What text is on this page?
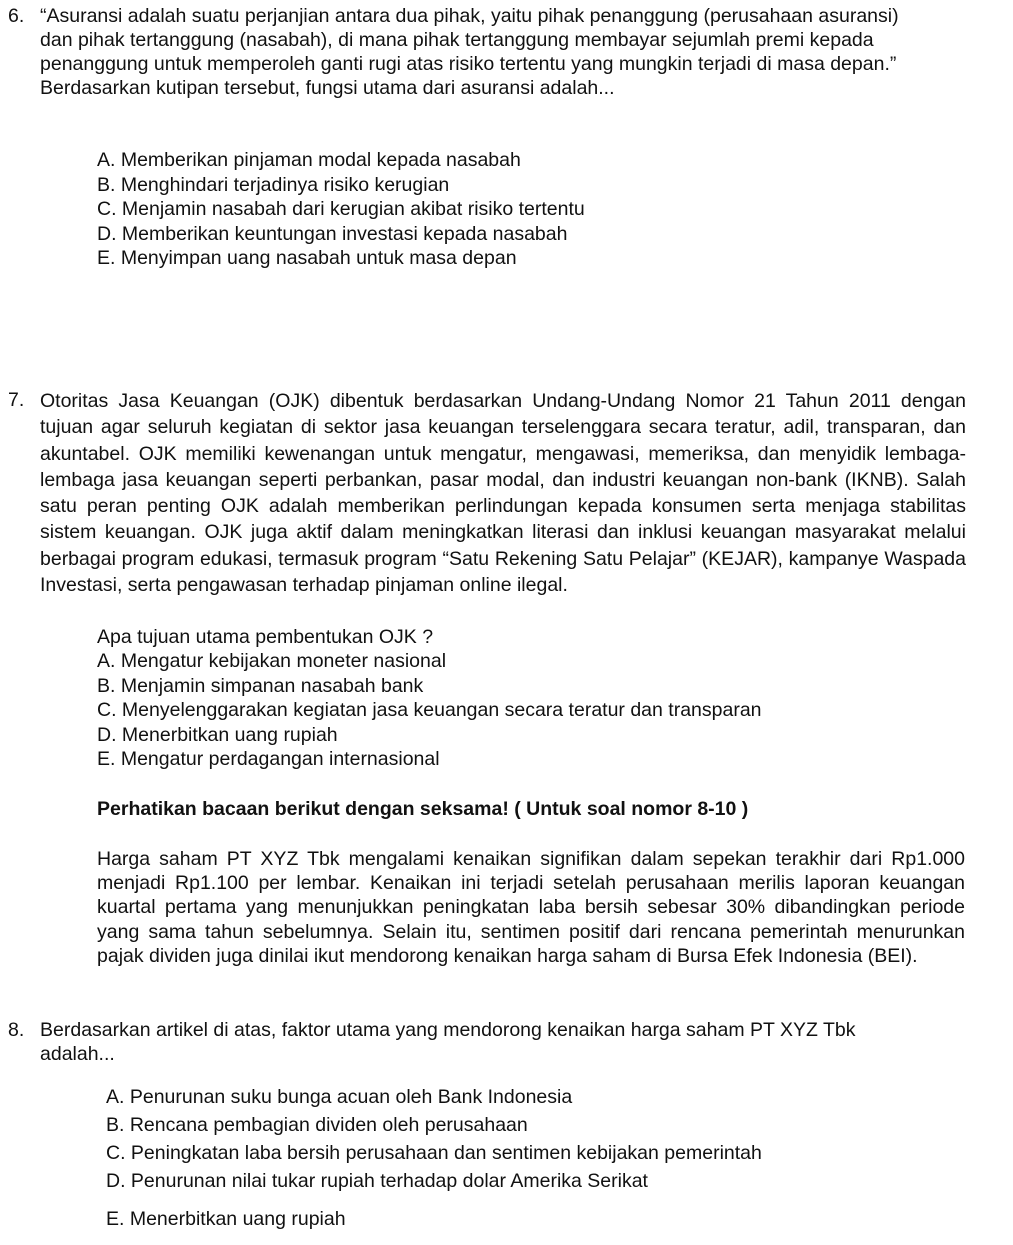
6. “Asuransi adalah suatu perjanjian antara dua pihak, yaitu pihak penanggung (perusahaan asuransi) dan pihak tertanggung (nasabah), di mana pihak tertanggung membayar sejumlah premi kepada penanggung untuk memperoleh ganti rugi atas risiko tertentu yang mungkin terjadi di masa depan.” Berdasarkan kutipan tersebut, fungsi utama dari asuransi adalah...

A. Memberikan pinjaman modal kepada nasabah
B. Menghindari terjadinya risiko kerugian
C. Menjamin nasabah dari kerugian akibat risiko tertentu
D. Memberikan keuntungan investasi kepada nasabah
E. Menyimpan uang nasabah untuk masa depan
7. Otoritas Jasa Keuangan (OJK) dibentuk berdasarkan Undang-Undang Nomor 21 Tahun 2011 dengan tujuan agar seluruh kegiatan di sektor jasa keuangan terselenggara secara teratur, adil, transparan, dan akuntabel. OJK memiliki kewenangan untuk mengatur, mengawasi, memeriksa, dan menyidik lembaga-lembaga jasa keuangan seperti perbankan, pasar modal, dan industri keuangan non-bank (IKNB). Salah satu peran penting OJK adalah memberikan perlindungan kepada konsumen serta menjaga stabilitas sistem keuangan. OJK juga aktif dalam meningkatkan literasi dan inklusi keuangan masyarakat melalui berbagai program edukasi, termasuk program “Satu Rekening Satu Pelajar” (KEJAR), kampanye Waspada Investasi, serta pengawasan terhadap pinjaman online ilegal.

Apa tujuan utama pembentukan OJK ?
A. Mengatur kebijakan moneter nasional
B. Menjamin simpanan nasabah bank
C. Menyelenggarakan kegiatan jasa keuangan secara teratur dan transparan
D. Menerbitkan uang rupiah
E. Mengatur perdagangan internasional
Perhatikan bacaan berikut dengan seksama! ( Untuk soal nomor 8-10 )

Harga saham PT XYZ Tbk mengalami kenaikan signifikan dalam sepekan terakhir dari Rp1.000 menjadi Rp1.100 per lembar. Kenaikan ini terjadi setelah perusahaan merilis laporan keuangan kuartal pertama yang menunjukkan peningkatan laba bersih sebesar 30% dibandingkan periode yang sama tahun sebelumnya. Selain itu, sentimen positif dari rencana pemerintah menurunkan pajak dividen juga dinilai ikut mendorong kenaikan harga saham di Bursa Efek Indonesia (BEI).

8. Berdasarkan artikel di atas, faktor utama yang mendorong kenaikan harga saham PT XYZ Tbk adalah...

A. Penurunan suku bunga acuan oleh Bank Indonesia
B. Rencana pembagian dividen oleh perusahaan
C. Peningkatan laba bersih perusahaan dan sentimen kebijakan pemerintah
D. Penurunan nilai tukar rupiah terhadap dolar Amerika Serikat
E. Menerbitkan uang rupiah
